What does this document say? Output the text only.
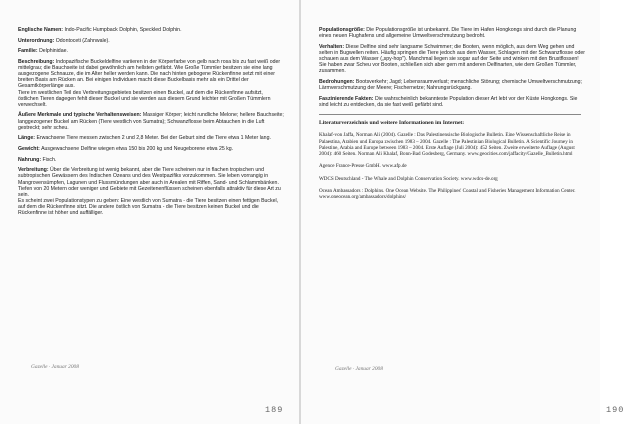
Englische Namen: Indo-Pacific Humpback Dolphin, Speckled Dolphin.

Unterordnung: Odontoceti (Zahnwale).

Familie: Delphinidae.

Beschreibung: Indopazifische Buckeldelfine variieren in der Körperfarbe von gelb nach rosa bis zu fast weiß oder mittelgrau; die Bauchseite ist dabei gewöhnlich am hellsten gefärbt. Wie Große Tümmler besitzen sie eine lang ausgezogene Schnauze, die im Alter heller werden kann. Die nach hinten gebogene Rückenfinne setzt mit einer breiten Basis am Rücken an. Bei einigen Individuen macht diese Buckelbasis mehr als ein Drittel der Gesamtkörperlänge aus.

Tiere im westlichen Teil des Verbreitungsgebietes besitzen einen Buckel, auf dem die Rückenfinne aufsitzt, östlichen Tieren dagegen fehlt dieser Buckel und sie werden aus diesem Grund leichter mit Großen Tümmlern verwechselt.

Äußere Merkmale und typische Verhaltensweisen: Massiger Körper; leicht rundliche Melone; hellere Bauchseite; langgezogener Buckel am Rücken (Tiere westlich von Sumatra); Schwanzflosse beim Abtauchen in die Luft gestreckt; sehr scheu.

Länge: Erwachsene Tiere messen zwischen 2 und 2,8 Meter. Bei der Geburt sind die Tiere etwa 1 Meter lang.

Gewicht: Ausgewachsene Delfine wiegen etwa 150 bis 200 kg und Neugeborene etwa 25 kg.

Nahrung: Fisch.

Verbreitung: Über die Verbreitung ist wenig bekannt, aber die Tiere scheinen nur in flachen tropischen und subtropischen Gewässern des Indischen Ozeans und des Westpazifiks vorzukommen. Sie leben vorrangig in Mangrovensümpfen, Lagunen und Flussmündungen aber auch in Arealen mit Riffen, Sand- und Schlammbänken. Tiefen von 20 Metern oder weniger und Gebiete mit Gezeitenenflüssen scheinen ebenfalls attraktiv für diese Art zu sein.

Es scheint zwei Populationstypen zu geben: Eine westlich von Sumatra - die Tiere besitzen einen fettigen Buckel, auf dem die Rückenfinne sitzt. Die andere östlich von Sumatra - die Tiere besitzen keinen Buckel und die Rückenfinne ist höher und auffälliger.

Gazelle · Januar 2008
189

Populationsgröße: Die Populationsgröße ist unbekannt. Die Tiere im Hafen Hongkongs sind durch die Planung eines neuen Flughafens und allgemeine Umweltverschmutzung bedroht.

Verhalten: Diese Delfine sind sehr langsame Schwimmer; die Booten, wenn möglich, aus dem Weg gehen und selten in Bugwellen reiten. Häufig springen die Tiere jedoch aus dem Wasser, Schlagen mit der Schwanzflosse oder schauen aus dem Wasser („spy-hop"). Manchmal liegen sie sogar auf der Seite und winken mit den Brustflossen!

Sie haben zwar Scheu vor Booten, schließen sich aber gern mit anderen Delfinarten, wie dem Großen Tümmler, zusammen.

Bedrohungen: Bootsverkehr; Jagd; Lebensraumverlust; menschliche Störung; chemische Umweltverschmutzung; Lärmverschmutzung der Meere; Fischernetze; Nahrungsrückgang.

Faszinierende Fakten: Die wahrscheinlich bekannteste Population dieser Art lebt vor der Küste Hongkongs. Sie sind leicht zu entdecken, da sie fast weiß gefärbt sind.

Literaturverzeichnis und weitere Informationen im Internet:

Khalaf-von Jaffa, Norman Ali (2004). Gazelle : Das Palestinensische Biologische Bulletin. Eine Wissenschaftliche Reise in Palaestina, Arabien und Europa zwischen 1983 – 2004. Gazelle : The Palestinian Biological Bulletin. A Scientific Journey in Palestine, Arabia and Europe between 1983 – 2004. Erste Auflage (Juli 2004): 452 Seiten. Zweite erweiterte Auflage (August 2004): 460 Seiten. Norman Ali Khalaf, Bonn-Bad Godesberg, Germany. www.geocities.com/jaffacity/Gazelle_Bulletin.html

Agence France-Presse GmbH. www.afp.de

WDCS Deutschland - The Whale and Dolphin Conservation Society. www.wdcs-de.org

Ocean Ambassadors : Dolphins. One Ocean Website. The Philippines' Coastal and Fisheries Management Information Center. www.oneocean.org/ambassadors/dolphins/

Gazelle · Januar 2008
190
